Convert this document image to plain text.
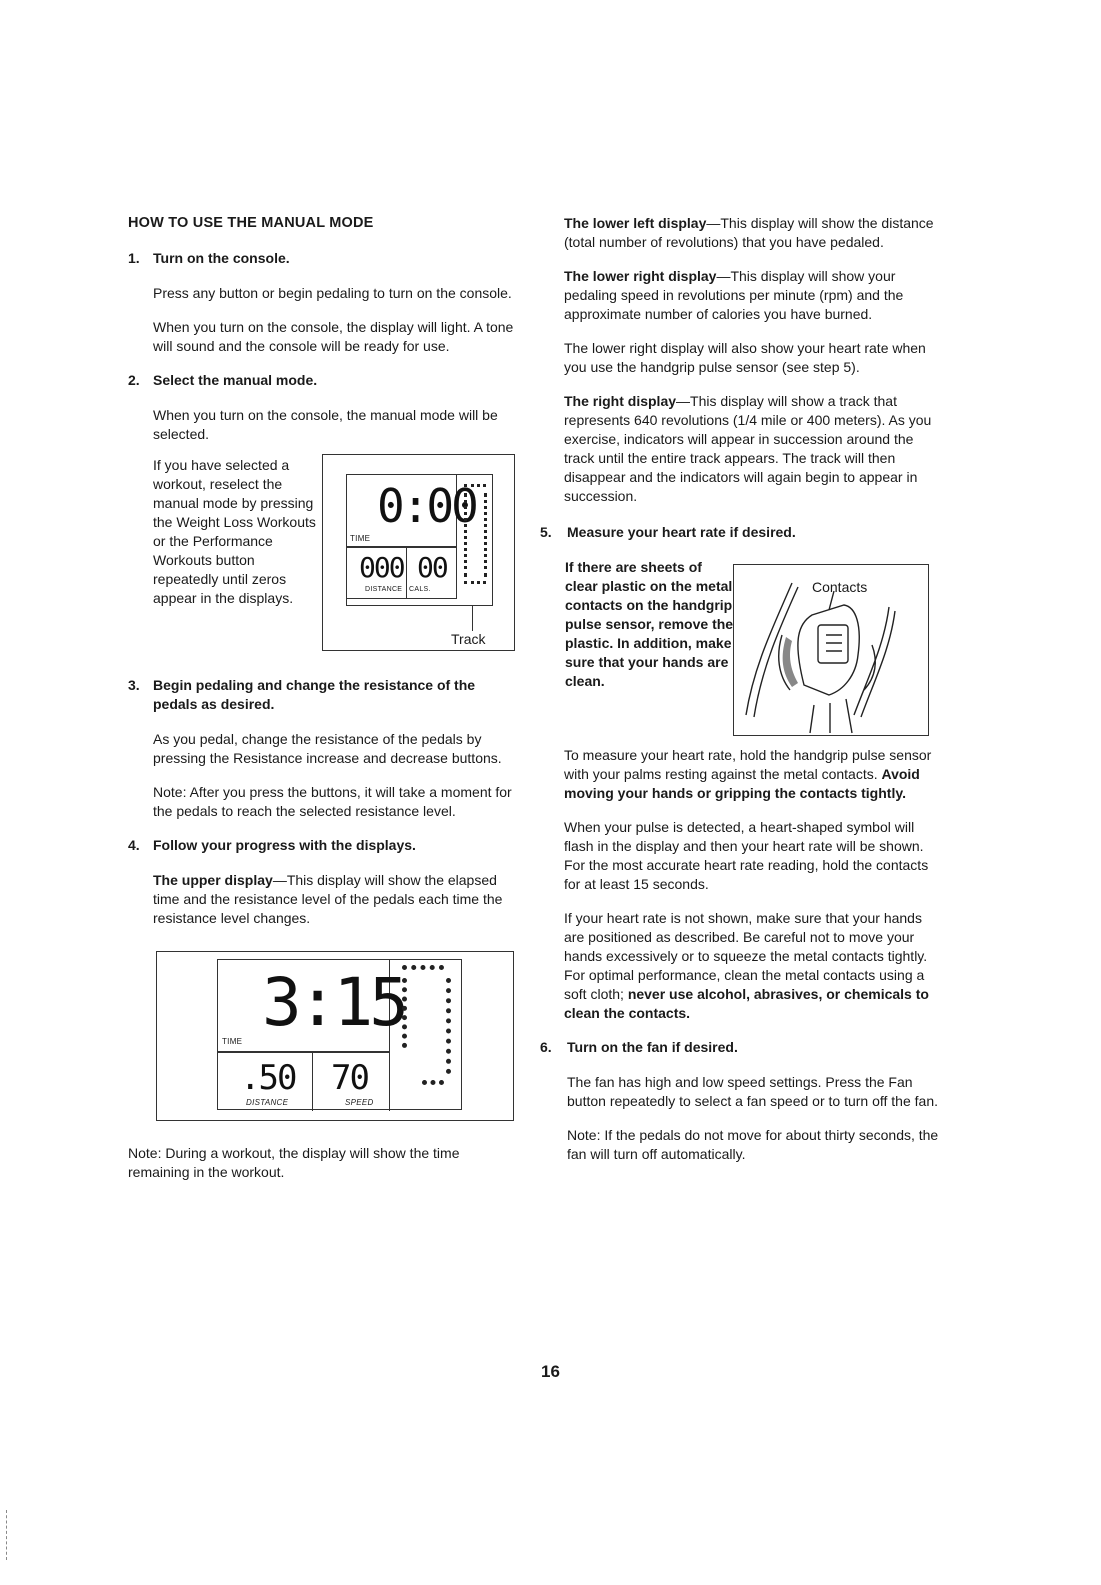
HOW TO USE THE MANUAL MODE

1. Turn on the console.

Press any button or begin pedaling to turn on the console.

When you turn on the console, the display will light. A tone will sound and the console will be ready for use.

2. Select the manual mode.

When you turn on the console, the manual mode will be selected.

If you have selected a workout, reselect the manual mode by pressing the Weight Loss Workouts or the Performance Workouts button repeatedly until zeros appear in the displays.

0:00
TIME
000
DISTANCE
00
CALS.
Track
3. Begin pedaling and change the resistance of the pedals as desired.

As you pedal, change the resistance of the pedals by pressing the Resistance increase and decrease buttons.

Note: After you press the buttons, it will take a moment for the pedals to reach the selected resistance level.

4. Follow your progress with the displays.

The upper display—This display will show the elapsed time and the resistance level of the pedals each time the resistance level changes.

3:15
TIME
.50
DISTANCE
70
SPEED

Note: During a workout, the display will show the time remaining in the workout.

The lower left display—This display will show the distance (total number of revolutions) that you have pedaled.

The lower right display—This display will show your pedaling speed in revolutions per minute (rpm) and the approximate number of calories you have burned.

The lower right display will also show your heart rate when you use the handgrip pulse sensor (see step 5).

The right display—This display will show a track that represents 640 revolutions (1/4 mile or 400 meters). As you exercise, indicators will appear in succession around the track until the entire track appears. The track will then disappear and the indicators will again begin to appear in succession.

5. Measure your heart rate if desired.

If there are sheets of clear plastic on the metal contacts on the handgrip pulse sensor, remove the plastic. In addition, make sure that your hands are clean.

Contacts

To measure your heart rate, hold the handgrip pulse sensor with your palms resting against the metal contacts. Avoid moving your hands or gripping the contacts tightly.

When your pulse is detected, a heart-shaped symbol will flash in the display and then your heart rate will be shown. For the most accurate heart rate reading, hold the contacts for at least 15 seconds.

If your heart rate is not shown, make sure that your hands are positioned as described. Be careful not to move your hands excessively or to squeeze the metal contacts tightly. For optimal performance, clean the metal contacts using a soft cloth; never use alcohol, abrasives, or chemicals to clean the contacts.

6. Turn on the fan if desired.

The fan has high and low speed settings. Press the Fan button repeatedly to select a fan speed or to turn off the fan.

Note: If the pedals do not move for about thirty seconds, the fan will turn off automatically.

16
